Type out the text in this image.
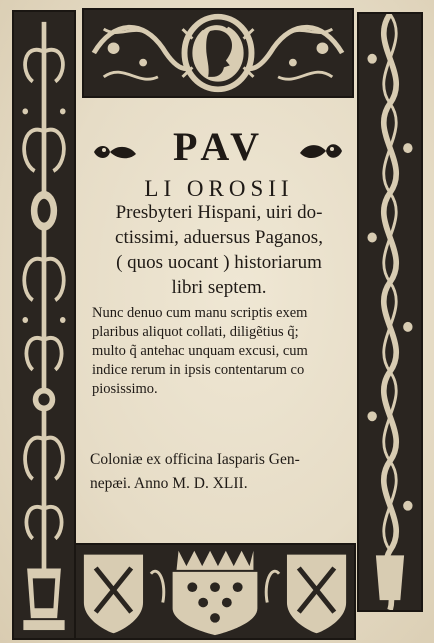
PAV
LI OROSII
Presbyteri Hispani, uiri do-
ctissimi, aduersus Paganos,
( quos uocant ) historiarum
libri septem.
Nunc denuo cum manu scriptis exem
plaribus aliquot collati, diligẽtius q̃;
multo q̃ antehac unquam excusi, cum
indice rerum in ipsis contentarum co
piosissimo.
Coloniæ ex officina Iasparis Gen-
nepæi. Anno M. D. XLII.
